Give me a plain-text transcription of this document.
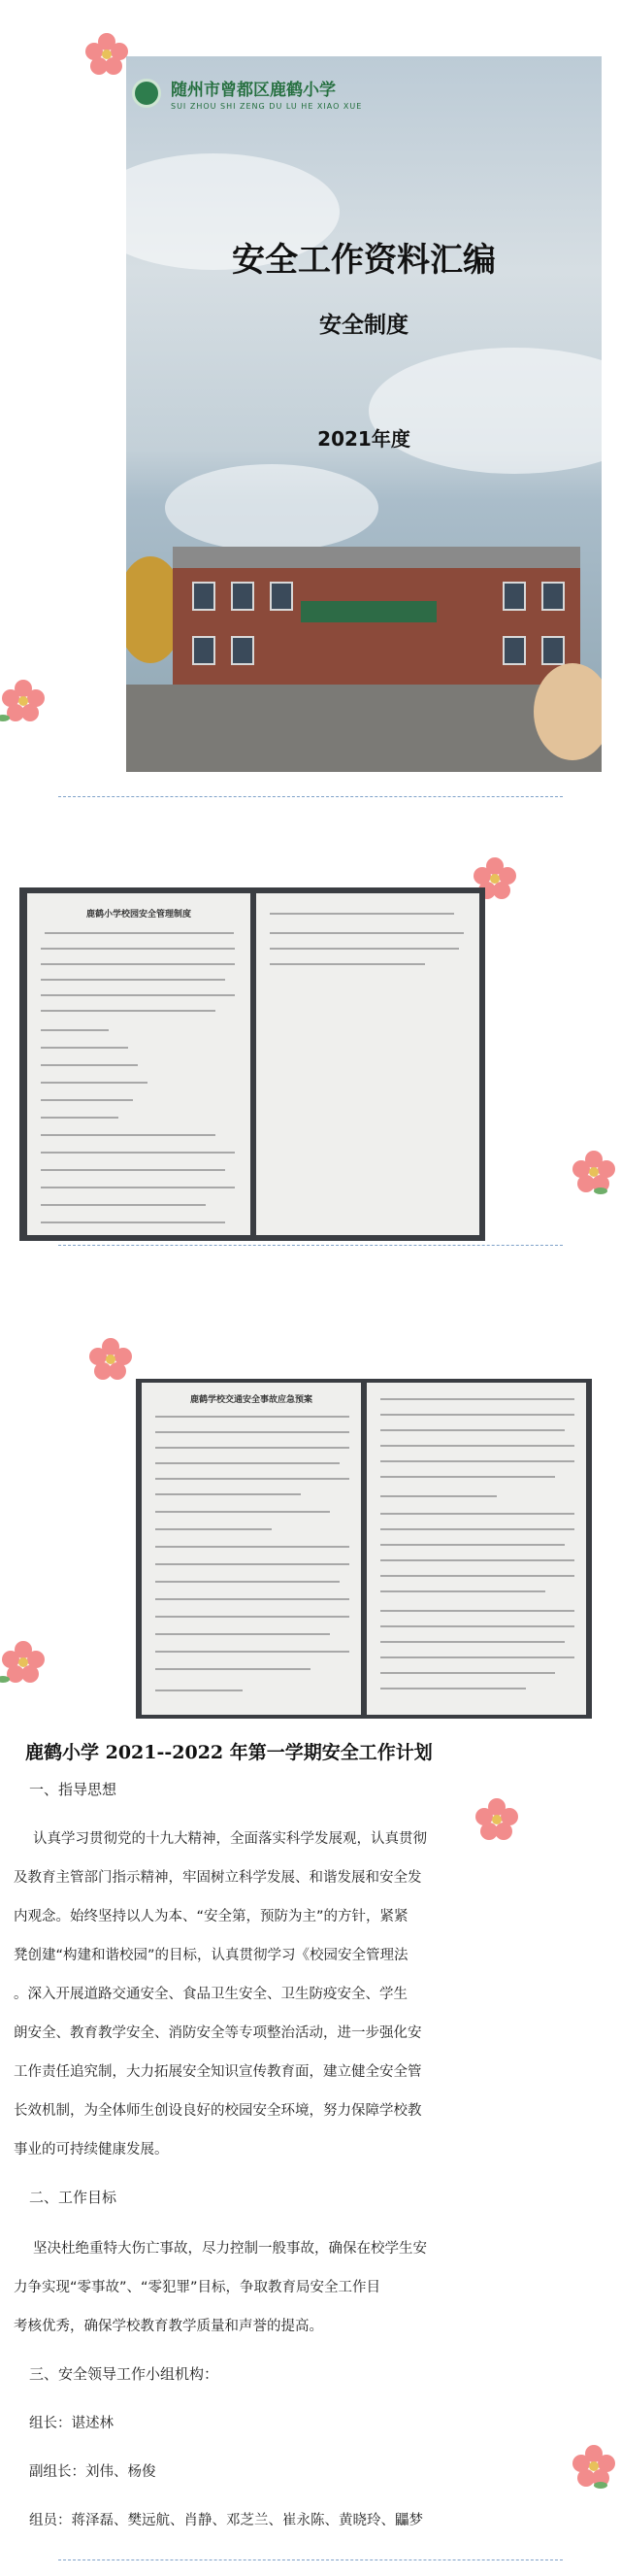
随州市曾都区鹿鹤小学
SUI ZHOU SHI ZENG DU LU HE XIAO XUE
安全工作资料汇编
安全制度
2021年度
鹿鹤小学校园安全管理制度
鹿鹤学校交通安全事故应急预案
鹿鹤小学 2021--2022 年第一学期安全工作计划
一、指导思想
认真学习贯彻党的十九大精神，全面落实科学发展观，认真贯彻
及教育主管部门指示精神，牢固树立科学发展、和谐发展和安全发
内观念。始终坚持以人为本、“安全第，预防为主”的方针，紧紧
凳创建“构建和谐校园”的目标，认真贯彻学习《校园安全管理法
。深入开展道路交通安全、食品卫生安全、卫生防疫安全、学生
朗安全、教育教学安全、消防安全等专项整治活动，进一步强化安
工作责任追究制，大力拓展安全知识宣传教育面，建立健全安全管
长效机制，为全体师生创设良好的校园安全环境，努力保障学校教
事业的可持续健康发展。
二、工作目标
坚决杜绝重特大伤亡事故，尽力控制一般事故，确保在校学生安
力争实现“零事故”、“零犯罪”目标，争取教育局安全工作目
考核优秀，确保学校教育教学质量和声誉的提高。
三、安全领导工作小组机构：
组长：谌述林
副组长：刘伟、杨俊
组员：蒋泽磊、樊远航、肖静、邓芝兰、崔永陈、黄晓玲、鼺梦
